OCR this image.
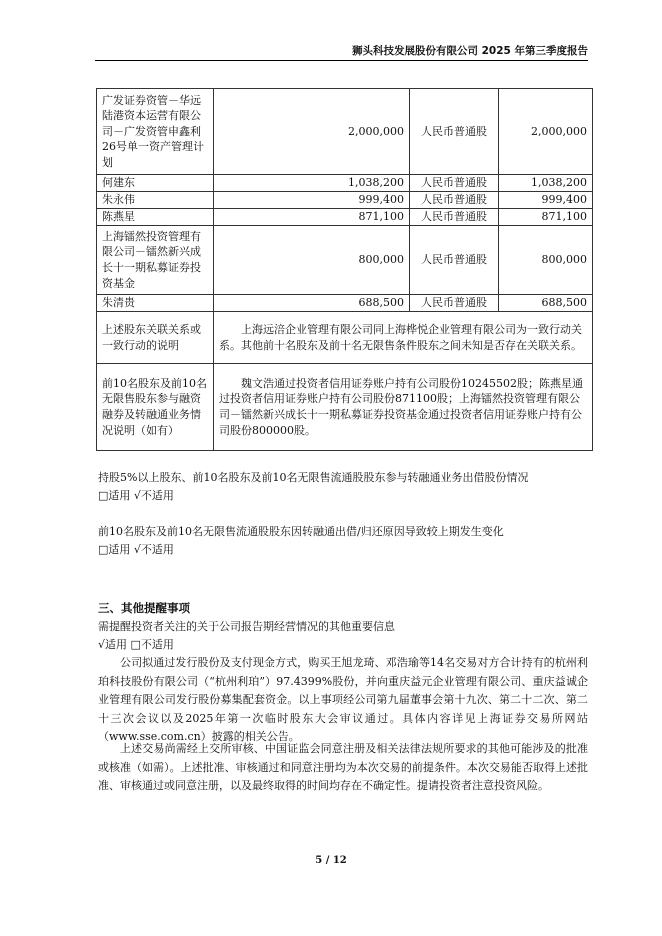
狮头科技发展股份有限公司 2025 年第三季度报告
广发证券资管－华远陆港资本运营有限公司－广发资管申鑫利26号单一资产管理计划	2,000,000	人民币普通股	2,000,000
何建东	1,038,200	人民币普通股	1,038,200
朱永伟	999,400	人民币普通股	999,400
陈燕星	871,100	人民币普通股	871,100
上海镭然投资管理有限公司－镭然新兴成长十一期私募证券投资基金	800,000	人民币普通股	800,000
朱清贵	688,500	人民币普通股	688,500
上述股东关联关系或一致行动的说明	上海远涪企业管理有限公司同上海桦悦企业管理有限公司为一致行动关系。其他前十名股东及前十名无限售条件股东之间未知是否存在关联关系。		

前10名股东及前10名无限售股东参与融资融券及转融通业务情况说明（如有）	魏文浩通过投资者信用证券账户持有公司股份10245502股；陈燕星通过投资者信用证券账户持有公司股份871100股；上海镭然投资管理有限公司－镭然新兴成长十一期私募证券投资基金通过投资者信用证券账户持有公司股份800000股。		

持股5%以上股东、前10名股东及前10名无限售流通股股东参与转融通业务出借股份情况
□适用 √不适用
前10名股东及前10名无限售流通股股东因转融通出借/归还原因导致较上期发生变化
□适用 √不适用
三、其他提醒事项
需提醒投资者关注的关于公司报告期经营情况的其他重要信息
√适用 □不适用
公司拟通过发行股份及支付现金方式，购买王旭龙琦、邓浩瑜等14名交易对方合计持有的杭州利珀科技股份有限公司（“杭州利珀”）97.4399%股份，并向重庆益元企业管理有限公司、重庆益诚企业管理有限公司发行股份募集配套资金。以上事项经公司第九届董事会第十九次、第二十二次、第二十三次会议以及2025年第一次临时股东大会审议通过。具体内容详见上海证券交易所网站（www.sse.com.cn）披露的相关公告。
上述交易尚需经上交所审核、中国证监会同意注册及相关法律法规所要求的其他可能涉及的批准或核准（如需）。上述批准、审核通过和同意注册均为本次交易的前提条件。本次交易能否取得上述批准、审核通过或同意注册，以及最终取得的时间均存在不确定性。提请投资者注意投资风险。
5 / 12
